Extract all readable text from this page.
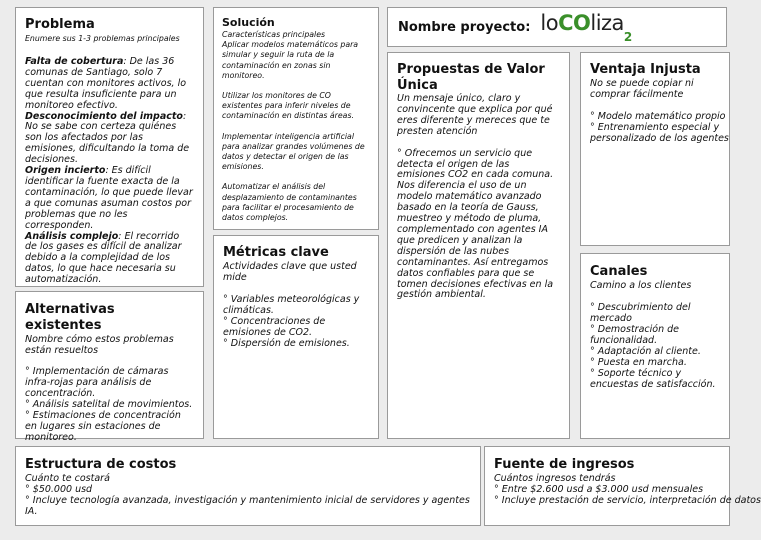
Problema
Enumere sus 1-3 problemas principales

Falta de cobertura: De las 36 comunas de Santiago, solo 7 cuentan con monitores activos, lo que resulta insuficiente para un monitoreo efectivo.

Desconocimiento del impacto: No se sabe con certeza quiénes son los afectados por las emisiones, dificultando la toma de decisiones.

Origen incierto: Es difícil identificar la fuente exacta de la contaminación, lo que puede llevar a que comunas asuman costos por problemas que no les corresponden.

Análisis complejo: El recorrido de los gases es difícil de analizar debido a la complejidad de los datos, lo que hace necesaria su automatización.

Alternativas existentes
Nombre cómo estos problemas están resueltos

° Implementación de cámaras infra-rojas para análisis de concentración.

° Análisis satelital de movimientos.

° Estimaciones de concentración en lugares sin estaciones de monitoreo.

Solución
Características principales

Aplicar modelos matemáticos para simular y seguir la ruta de la contaminación en zonas sin monitoreo.

Utilizar los monitores de CO existentes para inferir niveles de contaminación en distintas áreas.

Implementar inteligencia artificial para analizar grandes volúmenes de datos y detectar el origen de las emisiones.

Automatizar el análisis del desplazamiento de contaminantes para facilitar el procesamiento de datos complejos.

Métricas clave
Actividades clave que usted mide

° Variables meteorológicas y climáticas.

° Concentraciones de emisiones de CO2.

° Dispersión de emisiones.

Nombre proyecto: loCOliza$_2$
Propuestas de Valor Única
Un mensaje único, claro y convincente que explica por qué eres diferente y mereces que te presten atención

° Ofrecemos un servicio que detecta el origen de las emisiones CO2 en cada comuna. Nos diferencia el uso de un modelo matemático avanzado basado en la teoría de Gauss, muestreo y método de pluma, complementado con agentes IA que predicen y analizan la dispersión de las nubes contaminantes. Así entregamos datos confiables para que se tomen decisiones efectivas en la gestión ambiental.

Ventaja Injusta
No se puede copiar ni comprar fácilmente

° Modelo matemático propio

° Entrenamiento especial y

personalizado de los agentes

Canales
Camino a los clientes

° Descubrimiento del mercado

° Demostración de funcionalidad.

° Adaptación al cliente.

° Puesta en marcha.

° Soporte técnico y encuestas de satisfacción.

Estructura de costos
Cuánto te costará

° $50.000 usd

° Incluye tecnología avanzada, investigación y mantenimiento inicial de servidores y agentes IA.

Fuente de ingresos
Cuántos ingresos tendrás

° Entre $2.600 usd a $3.000 usd mensuales

° Incluye prestación de servicio, interpretación de datos
